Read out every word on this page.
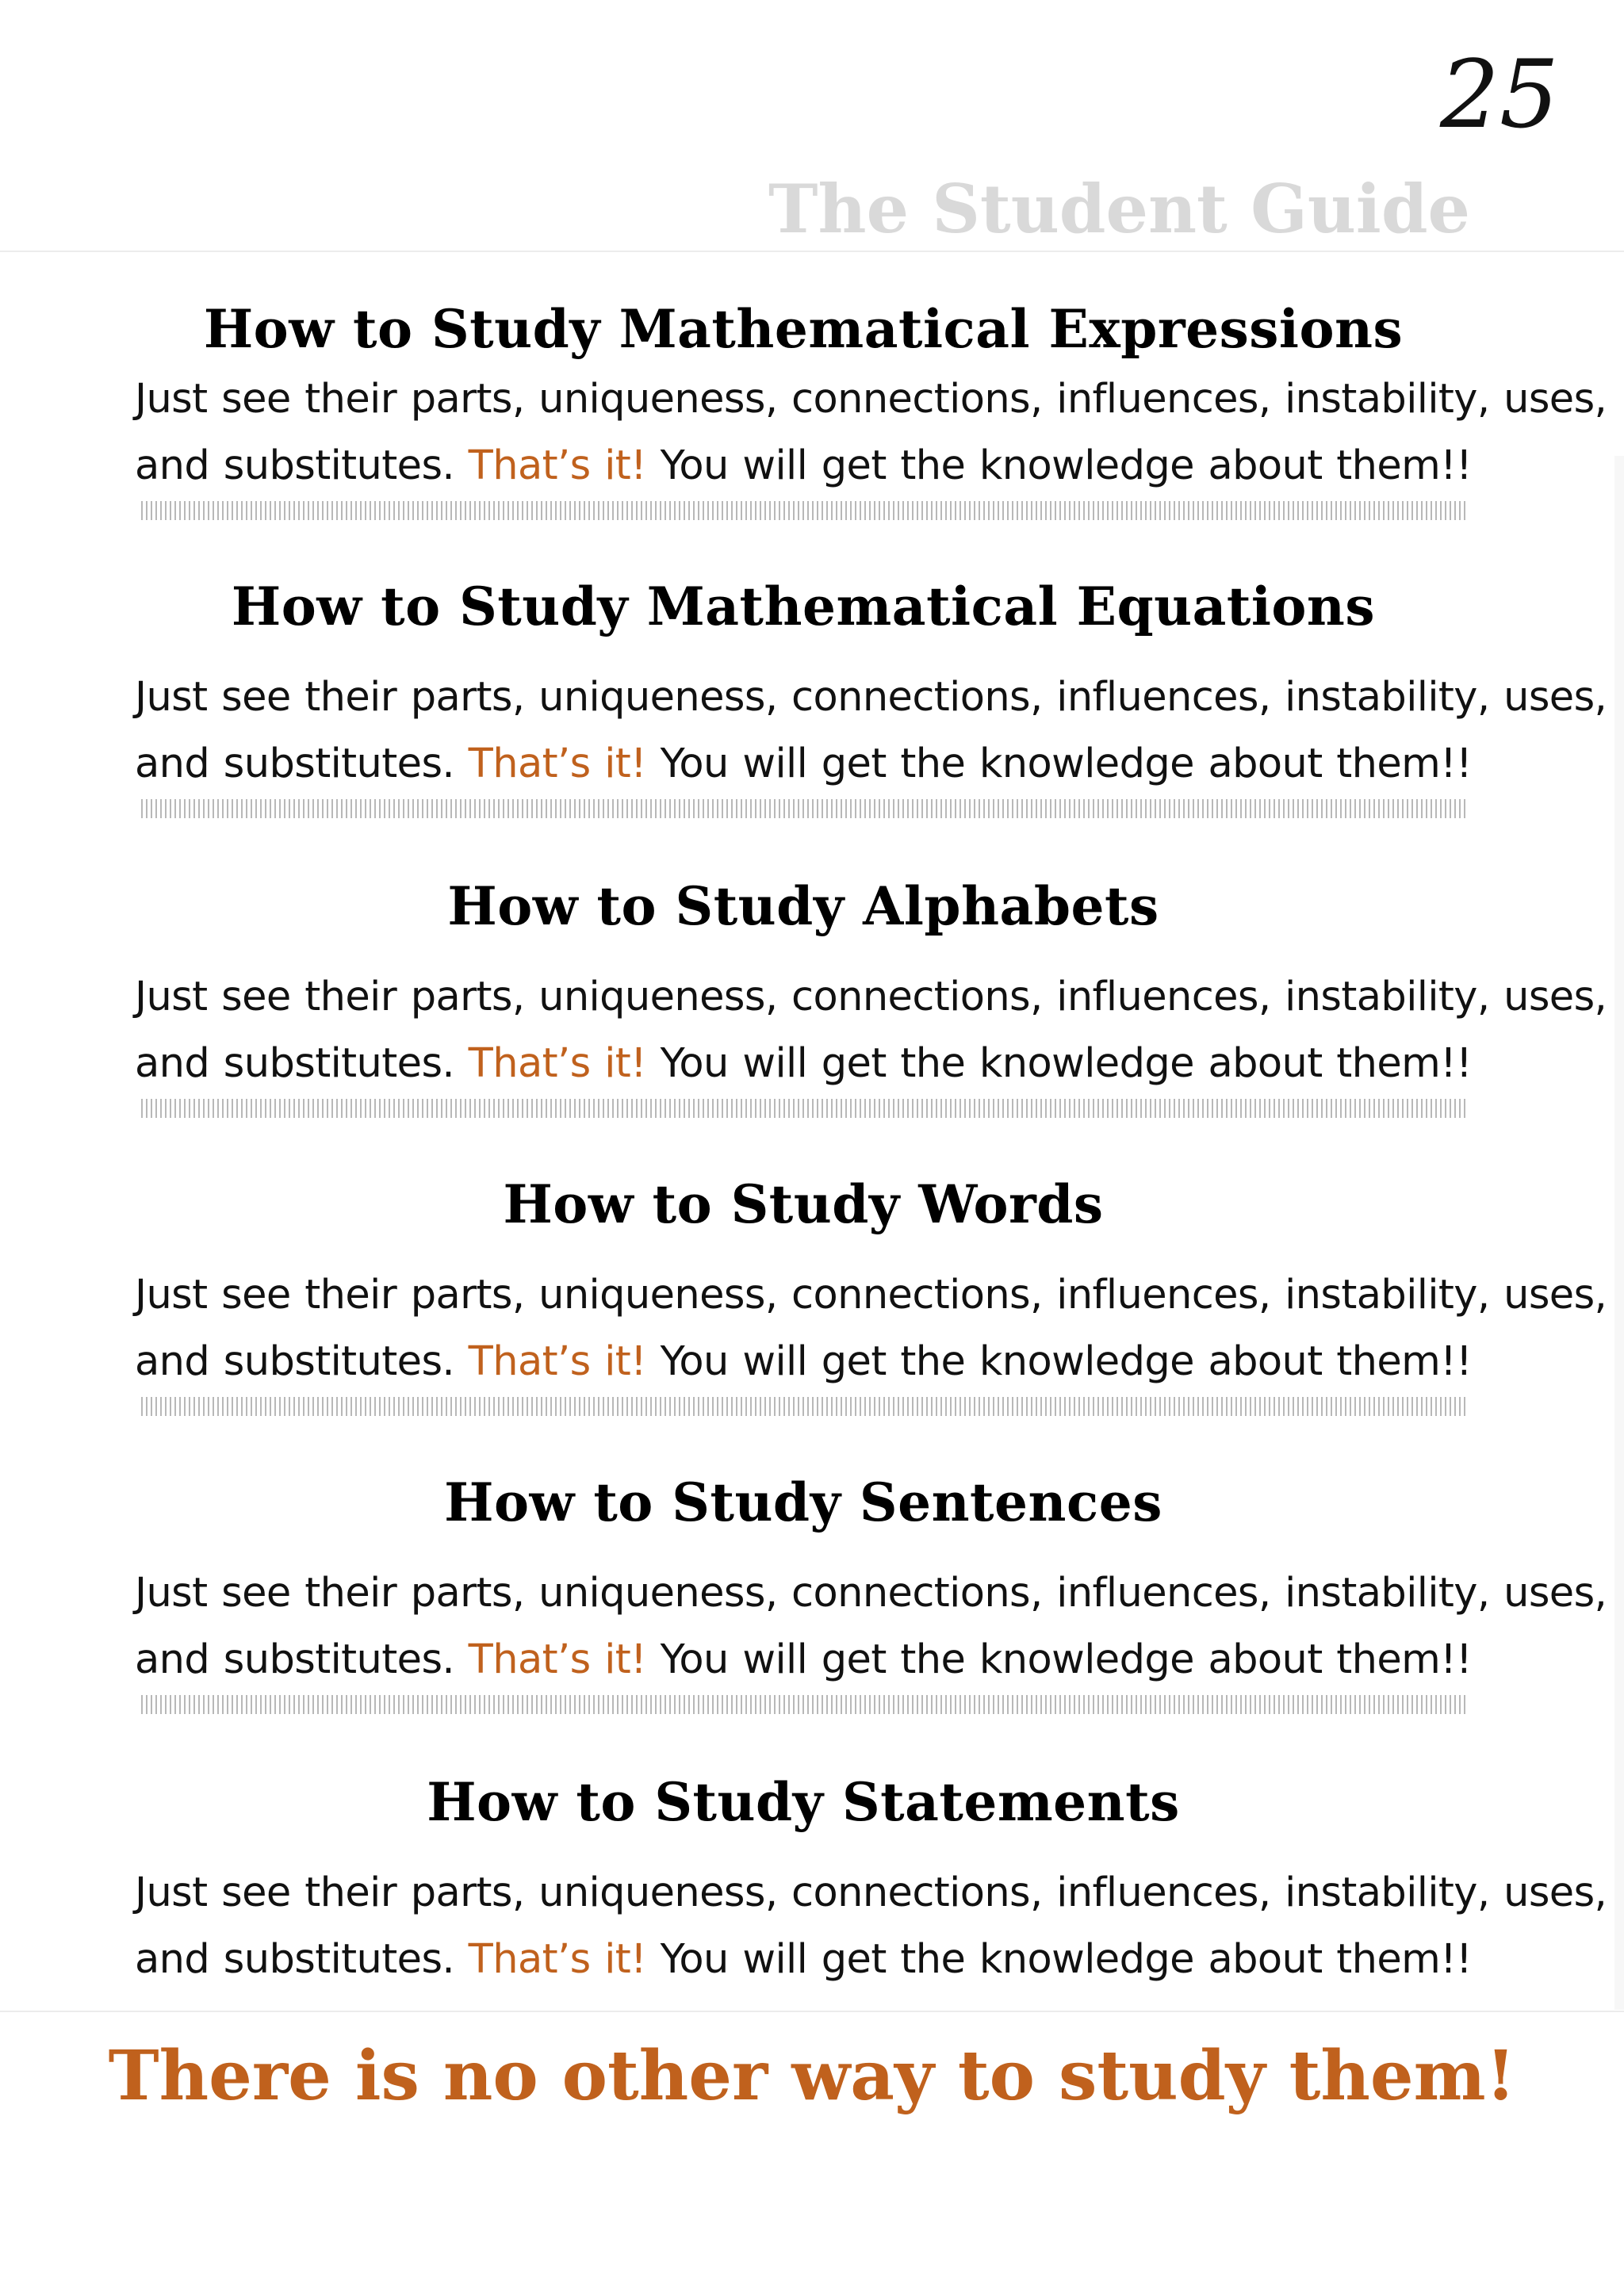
25
The Student Guide
How to Study Mathematical Expressions
Just see their parts, uniqueness, connections, influences, instability, uses,
and substitutes. That’s it! You will get the knowledge about them!!
How to Study Mathematical Equations
Just see their parts, uniqueness, connections, influences, instability, uses,
and substitutes. That’s it! You will get the knowledge about them!!
How to Study Alphabets
Just see their parts, uniqueness, connections, influences, instability, uses,
and substitutes. That’s it! You will get the knowledge about them!!
How to Study Words
Just see their parts, uniqueness, connections, influences, instability, uses,
and substitutes. That’s it! You will get the knowledge about them!!
How to Study Sentences
Just see their parts, uniqueness, connections, influences, instability, uses,
and substitutes. That’s it! You will get the knowledge about them!!
How to Study Statements
Just see their parts, uniqueness, connections, influences, instability, uses,
and substitutes. That’s it! You will get the knowledge about them!!
There is no other way to study them!
